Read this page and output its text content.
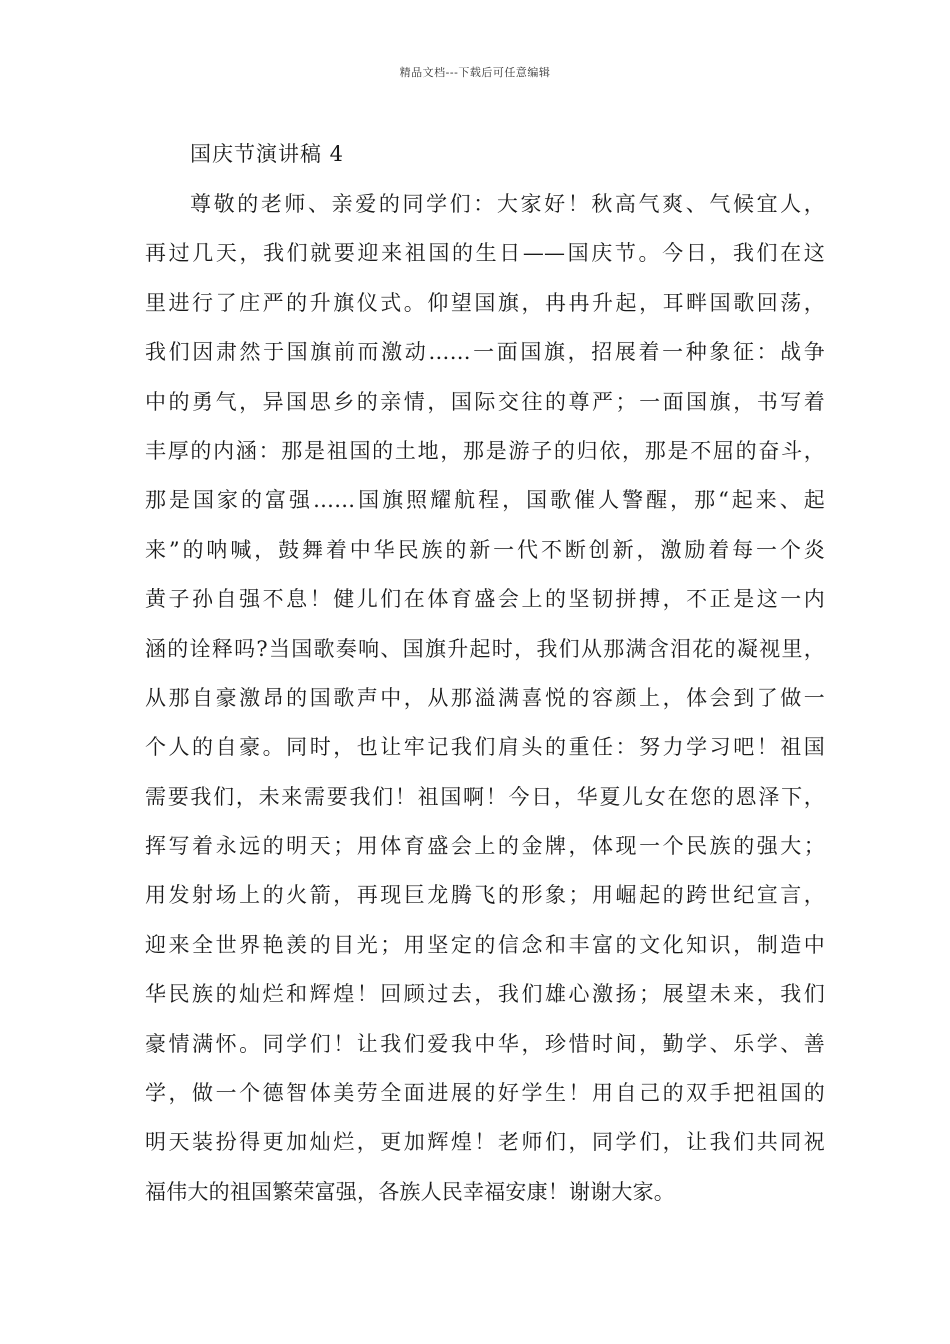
精品文档---下载后可任意编辑
国庆节演讲稿 4
尊敬的老师、亲爱的同学们：大家好！秋高气爽、气候宜人，
再过几天，我们就要迎来祖国的生日——国庆节。今日，我们在这
里进行了庄严的升旗仪式。仰望国旗，冉冉升起，耳畔国歌回荡，
我们因肃然于国旗前而激动……一面国旗，招展着一种象征：战争
中的勇气，异国思乡的亲情，国际交往的尊严；一面国旗，书写着
丰厚的内涵：那是祖国的土地，那是游子的归依，那是不屈的奋斗，
那是国家的富强……国旗照耀航程，国歌催人警醒，那“起来、起
来”的呐喊，鼓舞着中华民族的新一代不断创新，激励着每一个炎
黄子孙自强不息！健儿们在体育盛会上的坚韧拼搏，不正是这一内
涵的诠释吗?当国歌奏响、国旗升起时，我们从那满含泪花的凝视里，
从那自豪激昂的国歌声中，从那溢满喜悦的容颜上，体会到了做一
个人的自豪。同时，也让牢记我们肩头的重任：努力学习吧！祖国
需要我们，未来需要我们！祖国啊！今日，华夏儿女在您的恩泽下，
挥写着永远的明天；用体育盛会上的金牌，体现一个民族的强大；
用发射场上的火箭，再现巨龙腾飞的形象；用崛起的跨世纪宣言，
迎来全世界艳羡的目光；用坚定的信念和丰富的文化知识，制造中
华民族的灿烂和辉煌！回顾过去，我们雄心激扬；展望未来，我们
豪情满怀。同学们！让我们爱我中华，珍惜时间，勤学、乐学、善
学，做一个德智体美劳全面进展的好学生！用自己的双手把祖国的
明天装扮得更加灿烂，更加辉煌！老师们，同学们，让我们共同祝
福伟大的祖国繁荣富强，各族人民幸福安康！谢谢大家。
